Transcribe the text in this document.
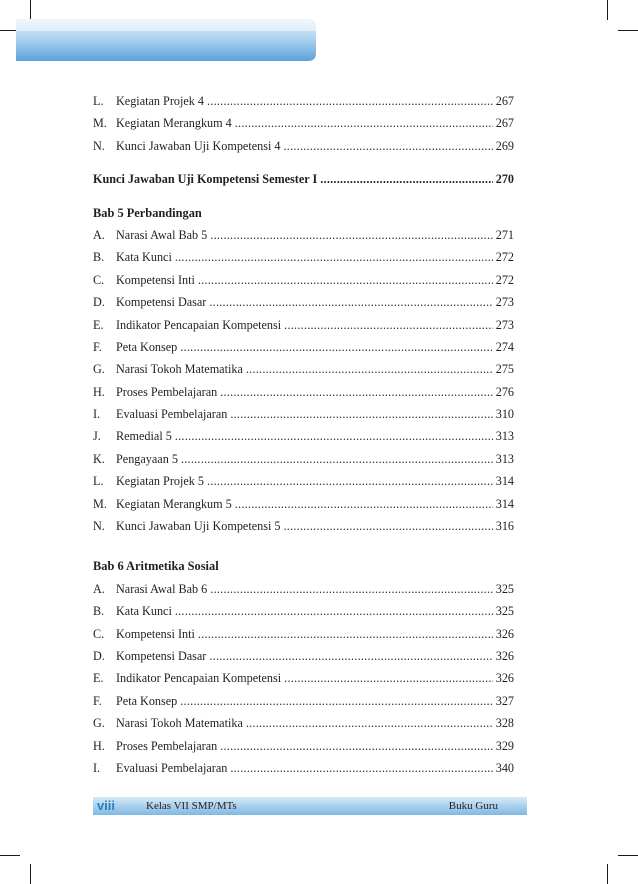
L.	Kegiatan Projek 4 . . .	267
M. Kegiatan Merangkum 4 . . .	267
N. Kunci Jawaban Uji Kompetensi 4 . . .	269
Kunci Jawaban Uji Kompetensi Semester I . . .	270
Bab 5 Perbandingan
A. Narasi Awal Bab 5 . . .	271
B. Kata Kunci . . .	272
C. Kompetensi Inti . . .	272
D. Kompetensi Dasar . . .	273
E.	Indikator Pencapaian Kompetensi . . .	273
F.	Peta Konsep . . .	274
G. Narasi Tokoh Matematika . . .	275
H. Proses Pembelajaran . . .	276
I.	Evaluasi Pembelajaran . . .	310
J.	Remedial 5 . . .	313
K. Pengayaan 5 . . .	313
L.	Kegiatan Projek 5 . . .	314
M. Kegiatan Merangkum 5 . . .	314
N. Kunci Jawaban Uji Kompetensi 5 . . .	316
Bab 6 Aritmetika Sosial
A. Narasi Awal Bab 6 . . .	325
B. Kata Kunci . . .	325
C. Kompetensi Inti . . .	326
D. Kompetensi Dasar . . .	326
E.	Indikator Pencapaian Kompetensi . . .	326
F.	Peta Konsep . . .	327
G. Narasi Tokoh Matematika . . .	328
H. Proses Pembelajaran . . .	329
I.	Evaluasi Pembelajaran . . .	340
viii	Kelas VII SMP/MTs	Buku Guru
